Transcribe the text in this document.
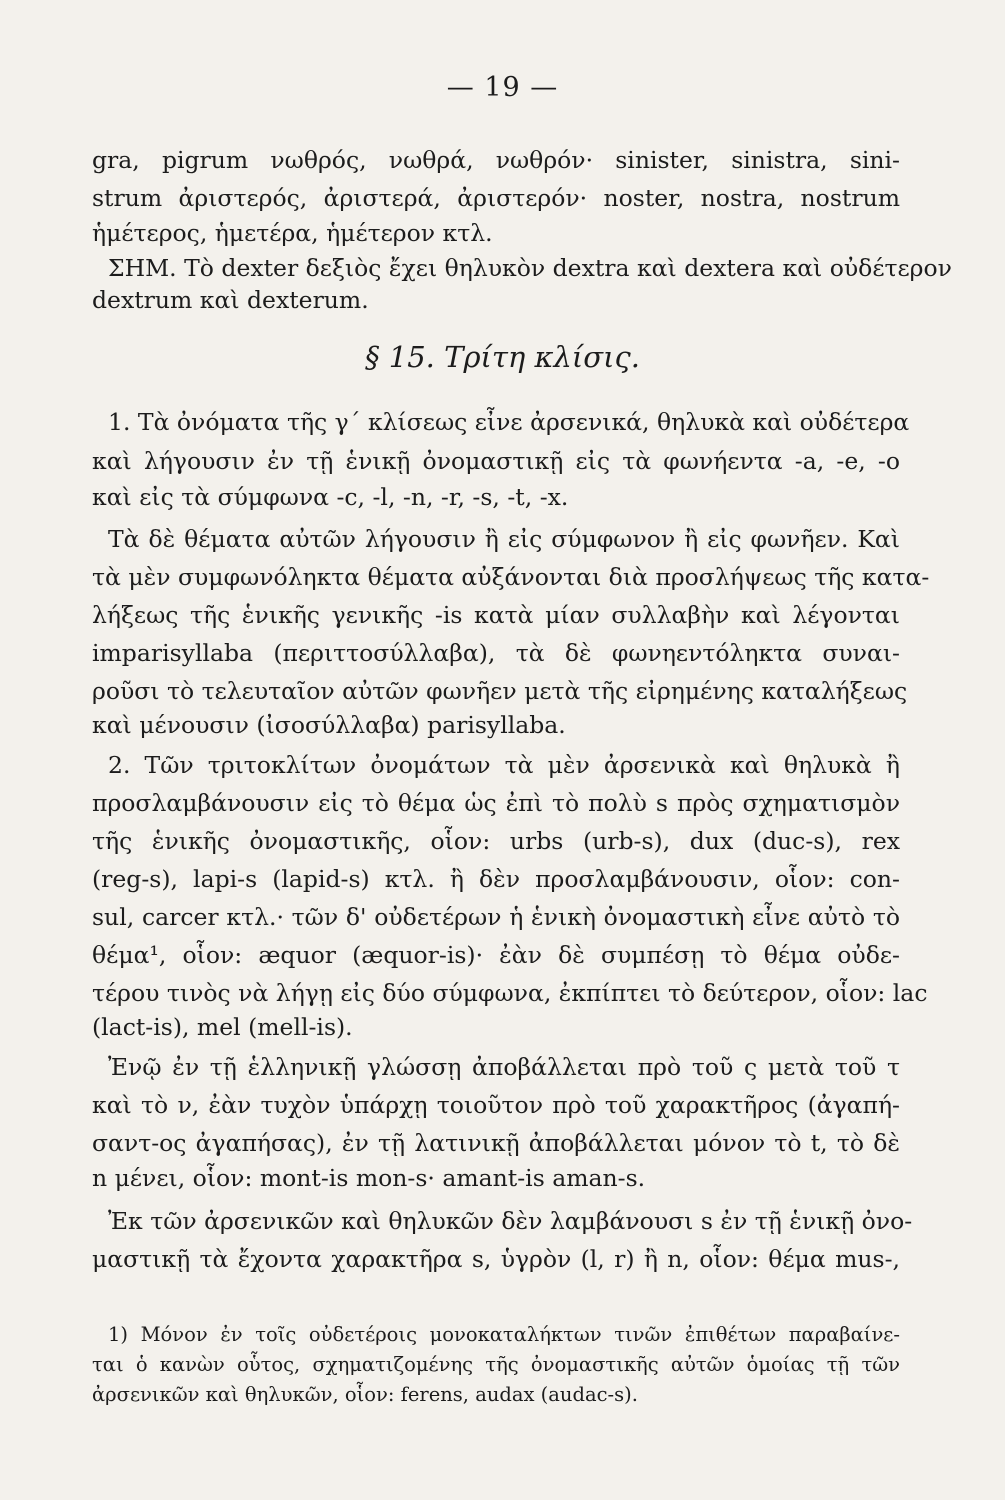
— 19 —
gra, pigrum νωθρός, νωθρά, νωθρόν· sinister, sinistra, sini-
strum ἀριστερός, ἀριστερά, ἀριστερόν· noster, nostra, nostrum
ἡμέτερος, ἡμετέρα, ἡμέτερον κτλ.
ΣΗΜ. Τὸ dexter δεξιὸς ἔχει θηλυκὸν dextra καὶ dextera καὶ οὐδέτερον
dextrum καὶ dexterum.
§ 15. Τρίτη κλίσις.
1. Τὰ ὀνόματα τῆς γ΄ κλίσεως εἶνε ἀρσενικά, θηλυκὰ καὶ οὐδέτερα
καὶ λήγουσιν ἐν τῇ ἑνικῇ ὀνομαστικῇ εἰς τὰ φωνήεντα -a, -e, -o
καὶ εἰς τὰ σύμφωνα -c, -l, -n, -r, -s, -t, -x.
Τὰ δὲ θέματα αὐτῶν λήγουσιν ἢ εἰς σύμφωνον ἢ εἰς φωνῆεν. Καὶ
τὰ μὲν συμφωνόληκτα θέματα αὐξάνονται διὰ προσλήψεως τῆς κατα-
λήξεως τῆς ἑνικῆς γενικῆς -is κατὰ μίαν συλλαβὴν καὶ λέγονται
imparisyllaba (περιττοσύλλαβα), τὰ δὲ φωνηεντόληκτα συναι-
ροῦσι τὸ τελευταῖον αὐτῶν φωνῆεν μετὰ τῆς εἰρημένης καταλήξεως
καὶ μένουσιν (ἰσοσύλλαβα) parisyllaba.
2. Τῶν τριτοκλίτων ὀνομάτων τὰ μὲν ἀρσενικὰ καὶ θηλυκὰ ἢ
προσλαμβάνουσιν εἰς τὸ θέμα ὡς ἐπὶ τὸ πολὺ s πρὸς σχηματισμὸν
τῆς ἑνικῆς ὀνομαστικῆς, οἷον: urbs (urb-s), dux (duc-s), rex
(reg-s), lapi-s (lapid-s) κτλ. ἢ δὲν προσλαμβάνουσιν, οἷον: con-
sul, carcer κτλ.· τῶν δ' οὐδετέρων ἡ ἑνικὴ ὀνομαστικὴ εἶνε αὐτὸ τὸ
θέμα¹, οἷον: æquor (æquor-is)· ἐὰν δὲ συμπέσῃ τὸ θέμα οὐδε-
τέρου τινὸς νὰ λήγῃ εἰς δύο σύμφωνα, ἐκπίπτει τὸ δεύτερον, οἷον: lac
(lact-is), mel (mell-is).
Ἐνῷ ἐν τῇ ἑλληνικῇ γλώσσῃ ἀποβάλλεται πρὸ τοῦ ς μετὰ τοῦ τ
καὶ τὸ ν, ἐὰν τυχὸν ὑπάρχῃ τοιοῦτον πρὸ τοῦ χαρακτῆρος (ἀγαπή-
σαντ-ος ἀγαπήσας), ἐν τῇ λατινικῇ ἀποβάλλεται μόνον τὸ t, τὸ δὲ
n μένει, οἷον: mont-is mon-s· amant-is aman-s.
Ἐκ τῶν ἀρσενικῶν καὶ θηλυκῶν δὲν λαμβάνουσι s ἐν τῇ ἑνικῇ ὀνο-
μαστικῇ τὰ ἔχοντα χαρακτῆρα s, ὑγρὸν (l, r) ἢ n, οἷον: θέμα mus-,
1) Μόνον ἐν τοῖς οὐδετέροις μονοκαταλήκτων τινῶν ἐπιθέτων παραβαίνε-
ται ὁ κανὼν οὗτος, σχηματιζομένης τῆς ὀνομαστικῆς αὐτῶν ὁμοίας τῇ τῶν
ἀρσενικῶν καὶ θηλυκῶν, οἷον: ferens, audax (audac-s).
